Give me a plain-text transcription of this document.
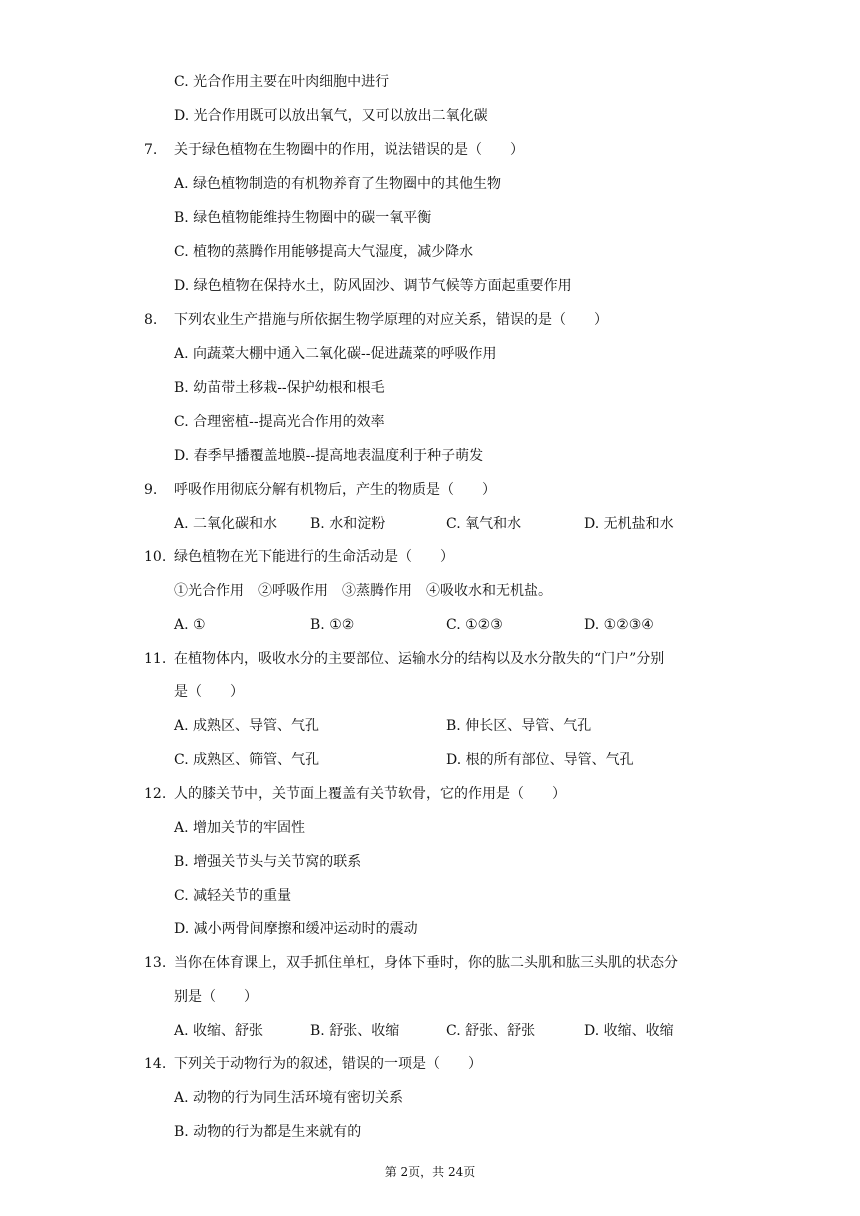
C. 光合作用主要在叶肉细胞中进行
D. 光合作用既可以放出氧气，又可以放出二氧化碳
7.	关于绿色植物在生物圈中的作用，说法错误的是（　　）
A. 绿色植物制造的有机物养育了生物圈中的其他生物
B. 绿色植物能维持生物圈中的碳一氧平衡
C. 植物的蒸腾作用能够提高大气湿度，减少降水
D. 绿色植物在保持水土，防风固沙、调节气候等方面起重要作用
8.	下列农业生产措施与所依据生物学原理的对应关系，错误的是（　　）
A. 向蔬菜大棚中通入二氧化碳--促进蔬菜的呼吸作用
B. 幼苗带土移栽--保护幼根和根毛
C. 合理密植--提高光合作用的效率
D. 春季早播覆盖地膜--提高地表温度利于种子萌发
9.	呼吸作用彻底分解有机物后，产生的物质是（　　）
A. 二氧化碳和水 B. 水和淀粉	C. 氧气和水	D. 无机盐和水
10. 绿色植物在光下能进行的生命活动是（　　）
①光合作用　②呼吸作用　③蒸腾作用　④吸收水和无机盐。
A. ①	B. ①②	C. ①②③	D. ①②③④
11. 在植物体内，吸收水分的主要部位、运输水分的结构以及水分散失的“门户”分别
是（　　）
A. 成熟区、导管、气孔	B. 伸长区、导管、气孔
C. 成熟区、筛管、气孔	D. 根的所有部位、导管、气孔
12. 人的膝关节中，关节面上覆盖有关节软骨，它的作用是（　　）
A. 增加关节的牢固性
B. 增强关节头与关节窝的联系
C. 减轻关节的重量
D. 减小两骨间摩擦和缓冲运动时的震动
13. 当你在体育课上，双手抓住单杠，身体下垂时，你的肱二头肌和肱三头肌的状态分
别是（　　）
A. 收缩、舒张	B. 舒张、收缩	C. 舒张、舒张	D. 收缩、收缩
14. 下列关于动物行为的叙述，错误的一项是（　　）
A. 动物的行为同生活环境有密切关系
B. 动物的行为都是生来就有的
第 2页，共 24页
